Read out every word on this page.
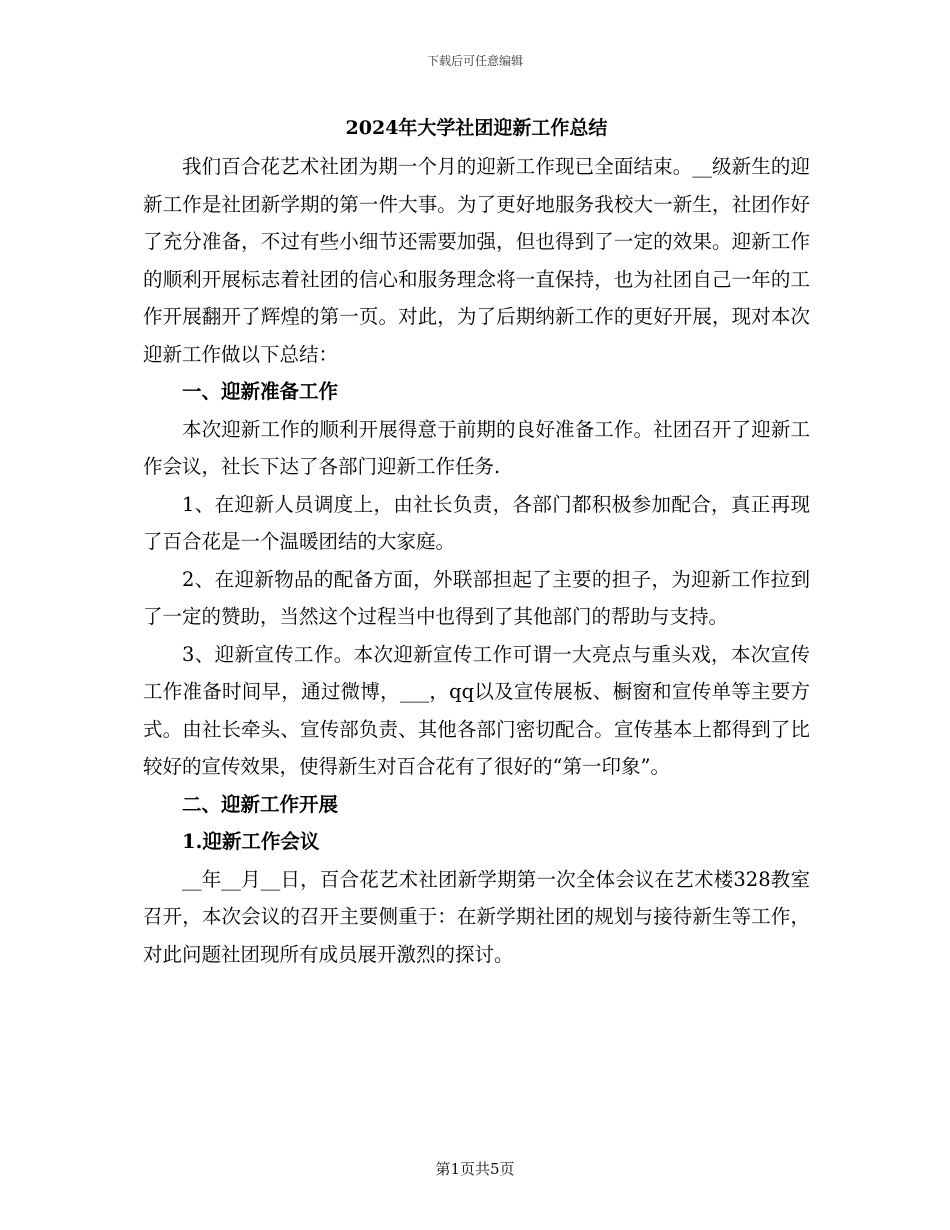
下载后可任意编辑
2024年大学社团迎新工作总结

我们百合花艺术社团为期一个月的迎新工作现已全面结束。__级新生的迎新工作是社团新学期的第一件大事。为了更好地服务我校大一新生，社团作好了充分准备，不过有些小细节还需要加强，但也得到了一定的效果。迎新工作的顺利开展标志着社团的信心和服务理念将一直保持，也为社团自己一年的工作开展翻开了辉煌的第一页。对此，为了后期纳新工作的更好开展，现对本次迎新工作做以下总结：

一、迎新准备工作

本次迎新工作的顺利开展得意于前期的良好准备工作。社团召开了迎新工作会议，社长下达了各部门迎新工作任务.

1、在迎新人员调度上，由社长负责，各部门都积极参加配合，真正再现了百合花是一个温暖团结的大家庭。

2、在迎新物品的配备方面，外联部担起了主要的担子，为迎新工作拉到了一定的赞助，当然这个过程当中也得到了其他部门的帮助与支持。

3、迎新宣传工作。本次迎新宣传工作可谓一大亮点与重头戏，本次宣传工作准备时间早，通过微博，___，qq以及宣传展板、橱窗和宣传单等主要方式。由社长牵头、宣传部负责、其他各部门密切配合。宣传基本上都得到了比较好的宣传效果，使得新生对百合花有了很好的“第一印象”。

二、迎新工作开展

1.迎新工作会议

__年__月__日，百合花艺术社团新学期第一次全体会议在艺术楼328教室召开，本次会议的召开主要侧重于：在新学期社团的规划与接待新生等工作，对此问题社团现所有成员展开激烈的探讨。

第1页共5页
